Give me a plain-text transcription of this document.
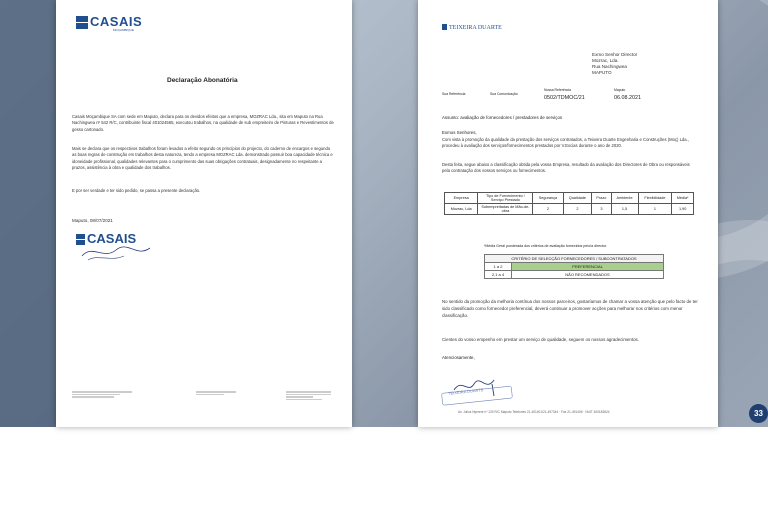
CASAIS
MOÇAMBIQUE
Declaração Abonatória
Casais Moçambique SA com sede em Maputo, declara para os devidos efeitos que a empresa, MOZRAC Lda., sita em Maputo na Rua Nachingwea nº 542 R/C, contribuinte fiscal 401024565, executou trabalhos, na qualidade de sub empreiteiro de Pinturas e Revestimentos de gesso cartonado.
Mais se declara que os respectivos trabalhos foram levados a efeito segundo os princípios do projecto, do caderno de encargos e segundo as boas regras de construção em trabalhos desta natureza, tendo a empresa MOZRAC Lda. demonstrado possuir boa capacidade técnica e idoneidade profissional, qualidades relevantes para o cumprimento das suas obrigações contratuais, designadamente no respeitante a prazos, assistência à obra e qualidade dos trabalhos.
E por ser verdade e ter sido pedido, se passa a presente declaração.
Maputo, 08/07/2021
CASAIS
TEIXEIRA DUARTE
Exmo Senhor Director
Mozrac, Lda.
Rua Nachingwea
MAPUTO
Sua Referência	Sua Comunicação
Nossa Referência	Maputo
0502/TDMOC/21	06.08.2021
Assunto: avaliação de fornecedores / prestadores de serviços
Exmos Senhores,
Com vista à promoção da qualidade da prestação dos serviços contratados, a Teixeira Duarte Engenharia e Construções (Moç) Lda., procedeu à avaliação dos serviços/fornecimentos prestados por V.Excias durante o ano de 2020.
Desta feita, segue abaixo a classificação obtida pela vossa Empresa, resultado da avaliação dos Directores de Obra ou responsáveis pela contratação dos vossos serviços ou fornecimentos.
Empresa	Tipo de Fornecimento / Serviço Prestado	Segurança	Qualidade	Prazo	Ambiente	Flexibilidade	Média*
Mozrac, Lda	Subempreitadas de Mão-de-obra	2	2	3	1,5	1	1,90
*Média Geral ponderada dos critérios de avaliação fornecidos pelo/a director.
CRITÉRIO DE SELECÇÃO FORNECEDORES / SUBCONTRATADOS	
1 a 2	PREFERENCIAL
2,1 a 4	NÃO RECOMENDADOS
No sentido da promoção da melhoria contínua dos nossos parceiros, gostaríamos de chamar a vossa atenção que pelo facto de ter sido classificado como fornecedor preferencial, deverá continuar a promover acções para melhorar nos critérios com menor classificação.
Cientes do vosso empenho em prestar um serviço de qualidade, seguem os nossos agradecimentos.
Atenciosamente,
TEIXEIRA DUARTE
Av. Julius Nyerere nº 130 R/C Maputo Telefones 21-401401/21-497344 · Fax 21-491406 · NUIT 400183624	33
